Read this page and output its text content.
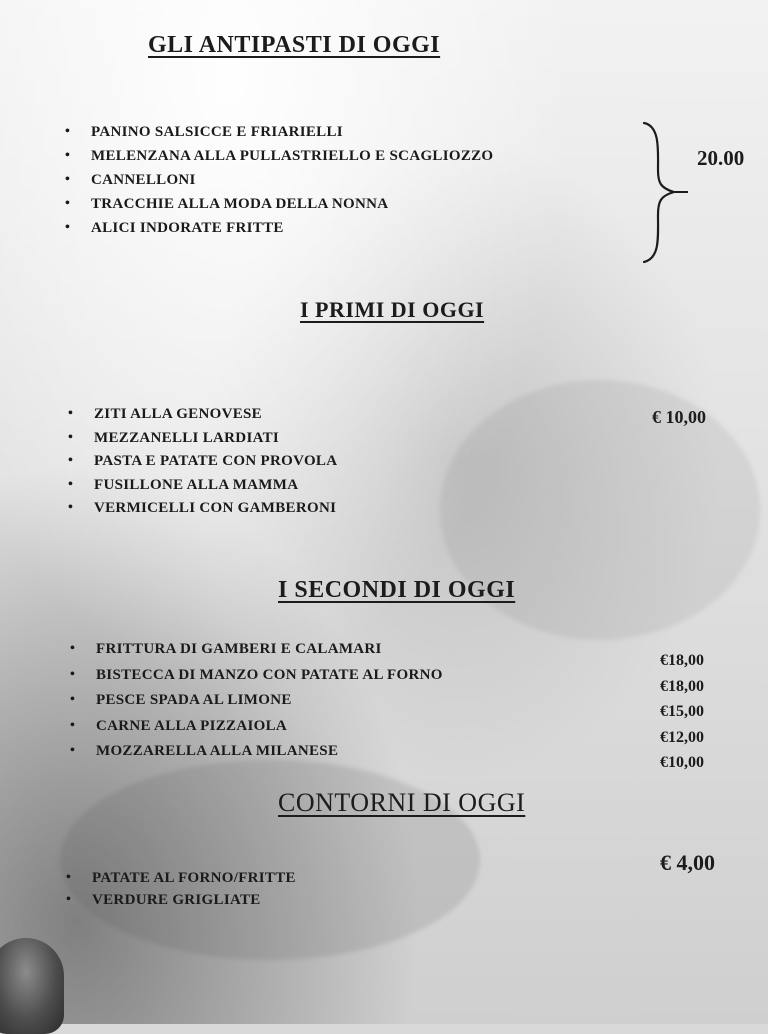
GLI ANTIPASTI DI OGGI
• PANINO SALSICCE E FRIARIELLI
• MELENZANA ALLA PULLASTRIELLO E SCAGLIOZZO
• CANNELLONI
• TRACCHIE ALLA MODA DELLA NONNA
• ALICI INDORATE FRITTE
20.00
I PRIMI DI OGGI
• ZITI ALLA GENOVESE
• MEZZANELLI LARDIATI
• PASTA E PATATE CON PROVOLA
• FUSILLONE ALLA MAMMA
• VERMICELLI CON GAMBERONI
€ 10,00
I SECONDI DI OGGI
• FRITTURA DI GAMBERI E CALAMARI
• BISTECCA DI MANZO CON PATATE AL FORNO
• PESCE SPADA AL LIMONE
• CARNE ALLA PIZZAIOLA
• MOZZARELLA ALLA MILANESE
€18,00
€18,00
€15,00
€12,00
€10,00
CONTORNI DI OGGI
€ 4,00
• PATATE AL FORNO/FRITTE
• VERDURE GRIGLIATE
